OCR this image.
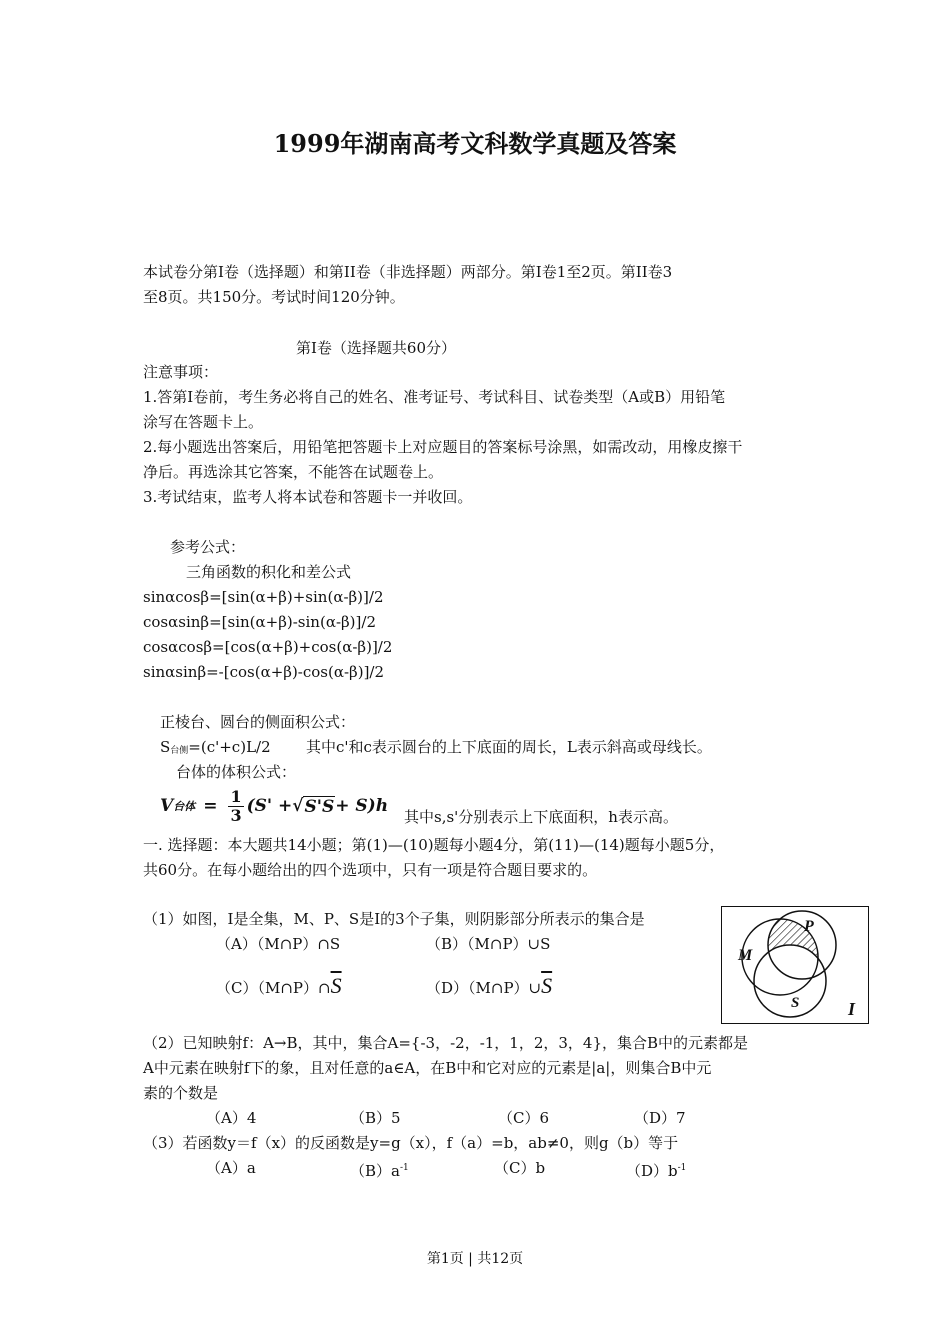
1999年湖南高考文科数学真题及答案
本试卷分第Ⅰ卷（选择题）和第II卷（非选择题）两部分。第Ⅰ卷1至2页。第II卷3
至8页。共150分。考试时间120分钟。
第Ⅰ卷（选择题共60分）
注意事项：
1.答第Ⅰ卷前，考生务必将自己的姓名、准考证号、考试科目、试卷类型（A或B）用铅笔
涂写在答题卡上。
2.每小题选出答案后，用铅笔把答题卡上对应题目的答案标号涂黑，如需改动，用橡皮擦干
净后。再选涂其它答案，不能答在试题卷上。
3.考试结束，监考人将本试卷和答题卡一并收回。
参考公式：
三角函数的积化和差公式
sinαcosβ=[sin(α+β)+sin(α-β)]/2
cosαsinβ=[sin(α+β)-sin(α-β)]/2
cosαcosβ=[cos(α+β)+cos(α-β)]/2
sinαsinβ=-[cos(α+β)-cos(α-β)]/2
正棱台、圆台的侧面积公式：
S台侧=(c'+c)L/2 其中c'和c表示圆台的上下底面的周长，L表示斜高或母线长。
台体的体积公式：
V 台体 = $\frac{1}{3} (S'$ + √ S'S + S)h
其中s,s'分别表示上下底面积，h表示高。
一. 选择题：本大题共14小题；第(1)—(10)题每小题4分，第(11)—(14)题每小题5分，
共60分。在每小题给出的四个选项中，只有一项是符合题目要求的。
（1）如图，I是全集，M、P、S是I的3个子集，则阴影部分所表示的集合是
（A）（M∩P）∩S	（B）（M∩P）∪S
$(C)(M\cap P)\cap\overline{S}$	$(D)(M\cap P)\cup\overline{S}$
M
P
S	I
（2）已知映射f：A→B，其中，集合A={-3，-2，-1，1，2，3，4}，集合B中的元素都是
A中元素在映射f下的象，且对任意的a∈A，在B中和它对应的元素是|a|，则集合B中元
素的个数是
（A）4	（B）5	（C）6	（D）7
（3）若函数y＝f（x）的反函数是y=g（x），f（a）=b，ab≠0，则g（b）等于
（A）a	$(B)a^{-1}$	（C）b	$(D)b^{-1}$
第1页 | 共12页
